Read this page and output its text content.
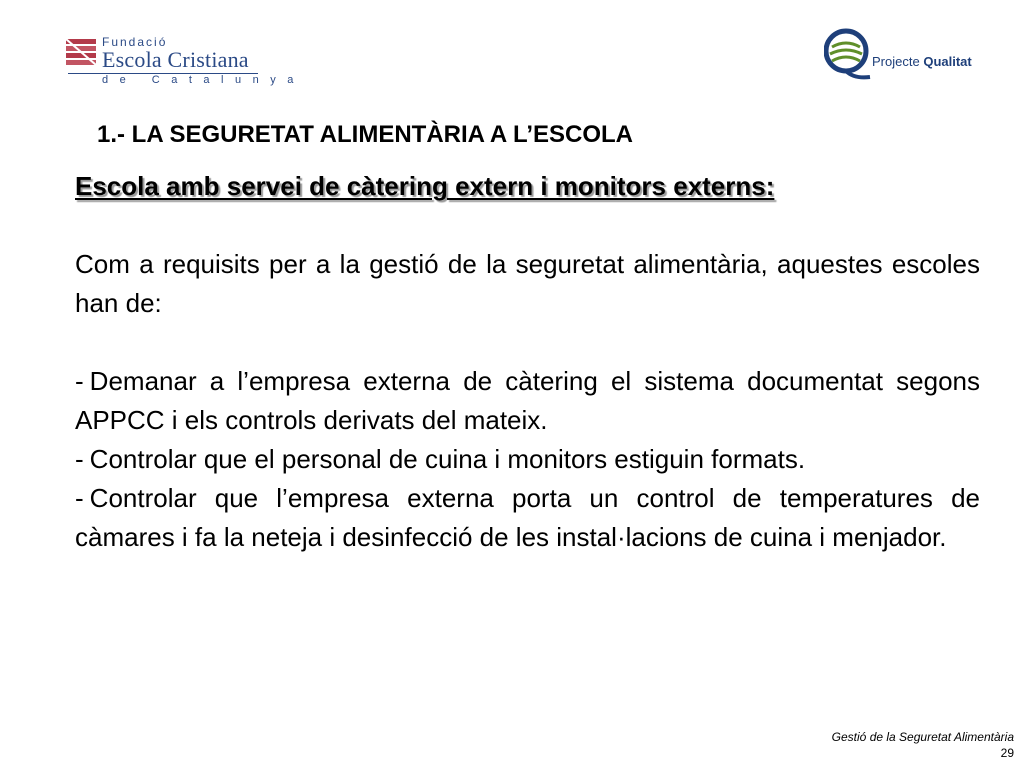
Fundació
Escola Cristiana
de Catalunya
Projecte Qualitat
1.- LA SEGURETAT ALIMENTÀRIA A L’ESCOLA

Escola amb servei de càtering extern i monitors externs:

Com a requisits per a la gestió de la seguretat alimentària, aquestes escoles han de:

- Demanar a l’empresa externa de càtering el sistema documentat segons APPCC i els controls derivats del mateix.

- Controlar que el personal de cuina i monitors estiguin formats.

- Controlar que l’empresa externa porta un control de temperatures de càmares i fa la neteja i desinfecció de les instal·lacions de cuina i menjador.

Gestió de la Seguretat Alimentària
29
